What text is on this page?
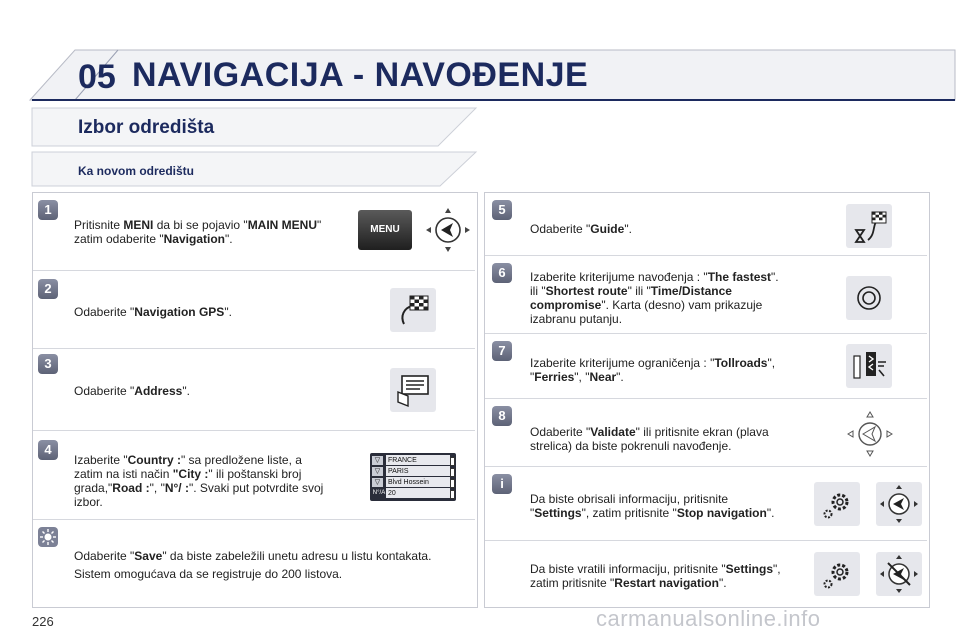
05 NAVIGACIJA - NAVOĐENJE
Izbor odredišta
Ka novom odredištu
1
Pritisnite MENI da bi se pojavio "MAIN MENU"
zatim odaberite "Navigation".
MENU
2
Odaberite "Navigation GPS".
3
Odaberite "Address".
4
Izaberite "Country :" sa predložene liste, a
zatim na isti način "City :" ili poštanski broj
grada,"Road :", "N°/ :". Svaki put potvrdite svoj
izbor.
▽	FRANCE
▽	PARIS
▽	Blvd Hossein
N°/A 20
Odaberite "Save" da biste zabeležili unetu adresu u listu kontakata.
Sistem omogućava da se registruje do 200 listova.
5
Odaberite "Guide".
6	Izaberite kriterijume navođenja : "The fastest".
ili "Shortest route" ili "Time/Distance
compromise". Karta (desno) vam prikazuje
izabranu putanju.
7
Izaberite kriterijume ograničenja : "Tollroads",
"Ferries", "Near".
8
Odaberite "Validate" ili pritisnite ekran (plava
strelica) da biste pokrenuli navođenje.
i
Da biste obrisali informaciju, pritisnite
"Settings", zatim pritisnite "Stop navigation".
Da biste vratili informaciju, pritisnite "Settings",
zatim pritisnite "Restart navigation".
226	carmanualsonline.info
